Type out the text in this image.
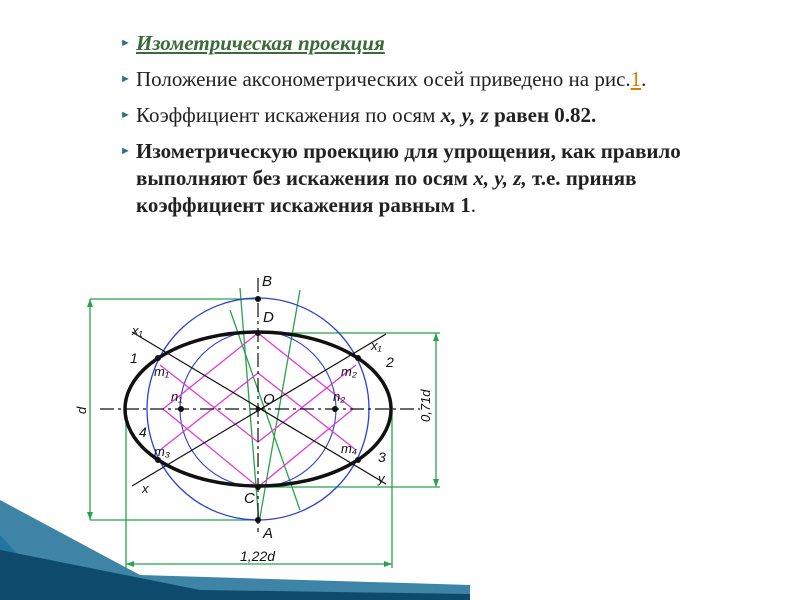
► Изометрическая проекция
► Положение аксонометрических осей приведено на рис.1.
► Коэффициент искажения по осям x, y, z равен 0.82.
► Изометрическую проекцию для упрощения, как правило выполняют без искажения по осям x, y, z, т.е. приняв коэффициент искажения равным 1.
B
D
O
C
A
x₁
x₁
x
y
1	2
3
4
m₁	m₂
m₃	m₄
n₁	n₂
d	0,71d
1,22d
